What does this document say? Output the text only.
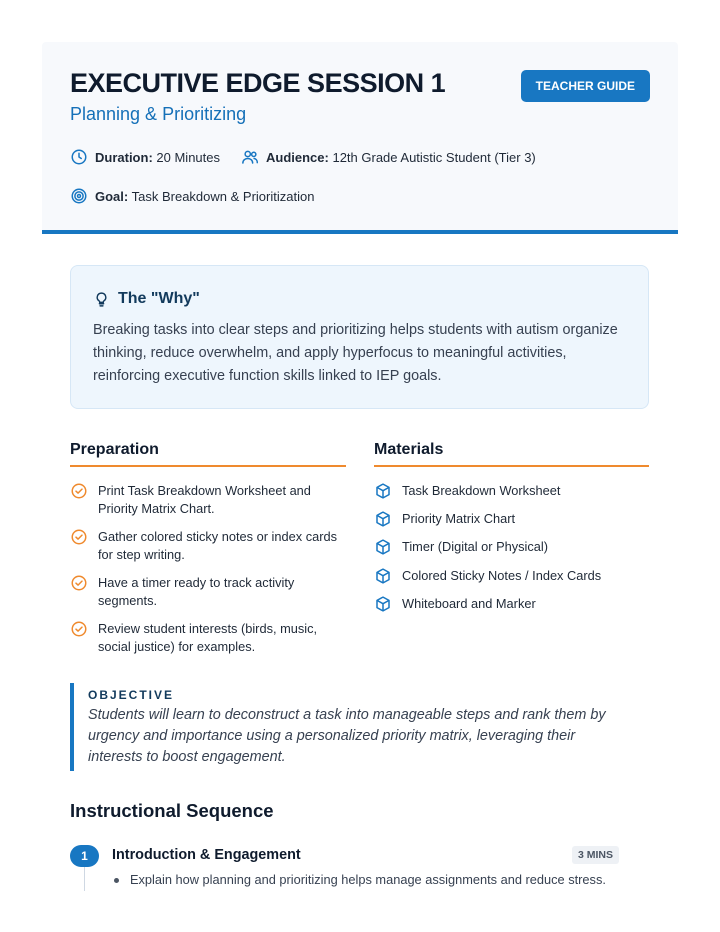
EXECUTIVE EDGE SESSION 1
Planning & Prioritizing
TEACHER GUIDE
Duration: 20 Minutes	Audience: 12th Grade Autistic Student (Tier 3)
Goal: Task Breakdown & Prioritization
The "Why"

Breaking tasks into clear steps and prioritizing helps students with autism organize thinking, reduce overwhelm, and apply hyperfocus to meaningful activities, reinforcing executive function skills linked to IEP goals.

Preparation
Print Task Breakdown Worksheet and Priority Matrix Chart.
Gather colored sticky notes or index cards for step writing.
Have a timer ready to track activity segments.
Review student interests (birds, music, social justice) for examples.
Materials
Task Breakdown Worksheet
Priority Matrix Chart
Timer (Digital or Physical)
Colored Sticky Notes / Index Cards
Whiteboard and Marker
OBJECTIVE

Students will learn to deconstruct a task into manageable steps and rank them by urgency and importance using a personalized priority matrix, leveraging their interests to boost engagement.

Instructional Sequence
1	Introduction & Engagement	3 MINS
Explain how planning and prioritizing helps manage assignments and reduce stress.
